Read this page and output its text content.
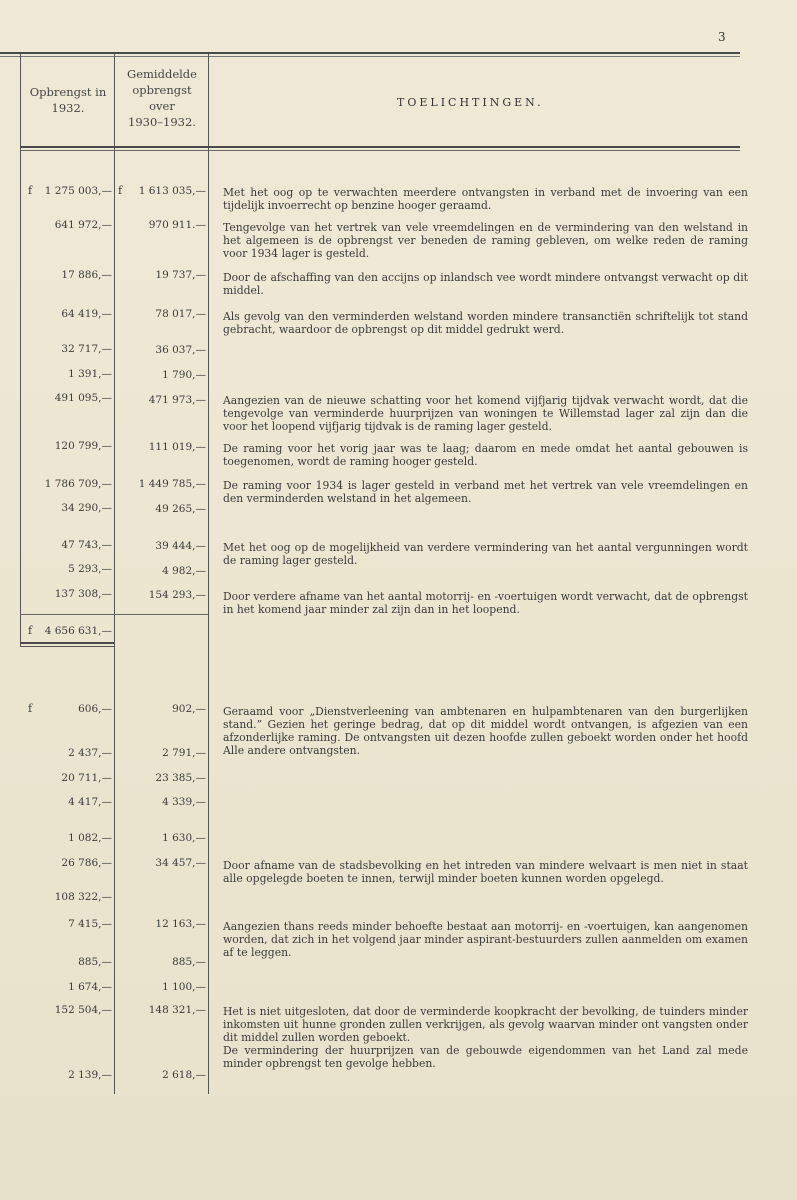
3
Opbrengst in
1932.
Gemiddelde
opbrengst
over
1930–1932.
TOELICHTINGEN.
f	f
1 275 003,—	1 613 035,— Met het oog op te verwachten meerdere ontvangsten in verband met de invoering van een tijdelijk invoerrecht op benzine hooger geraamd.
641 972,—	970 911.— Tengevolge van het vertrek van vele vreemdelingen en de vermindering van den welstand in het algemeen is de opbrengst ver beneden de raming gebleven, om welke reden de raming voor 1934 lager is gesteld.
17 886,—	19 737,— Door de afschaffing van den accijns op inlandsch vee wordt mindere ontvangst verwacht op dit middel.
64 419,—	78 017,— Als gevolg van den verminderden welstand worden mindere transanctiën schriftelijk tot stand gebracht, waardoor de opbrengst op dit middel gedrukt werd.
32 717,—	36 037,—
1 391,—	1 790,—
491 095,—	471 973,— Aangezien van de nieuwe schatting voor het komend vijfjarig tijdvak verwacht wordt, dat die tengevolge van verminderde huurprijzen van woningen te Willemstad lager zal zijn dan die voor het loopend vijfjarig tijdvak is de raming lager gesteld.
120 799,—	111 019,— De raming voor het vorig jaar was te laag; daarom en mede omdat het aantal gebouwen is toegenomen, wordt de raming hooger gesteld.
1 786 709,—	1 449 785,— De raming voor 1934 is lager gesteld in verband met het vertrek van vele vreemdelingen en den verminderden welstand in het algemeen.
34 290,—	49 265,—
47 743,—	39 444,— Met het oog op de mogelijkheid van verdere vermindering van het aantal vergunningen wordt de raming lager gesteld.
5 293,—	4 982,—
137 308,—	154 293,— Door verdere afname van het aantal motorrij- en -voertuigen wordt verwacht, dat de opbrengst in het komend jaar minder zal zijn dan in het loopend.
f	4 656 631,—
f	606,—	902,— Geraamd voor „Dienstverleening van ambtenaren en hulpambtenaren van den burgerlijken stand.” Gezien het geringe bedrag, dat op dit middel wordt ontvangen, is afgezien van een afzonderlijke raming. De ontvangsten uit dezen hoofde zullen geboekt worden onder het hoofd Alle andere ontvangsten.
2 437,—	2 791,—
20 711,—	23 385,—
4 417,—	4 339,—
1 082,—	1 630,—
26 786,—	34 457,— Door afname van de stadsbevolking en het intreden van mindere welvaart is men niet in staat alle opgelegde boeten te innen, terwijl minder boeten kunnen worden opgelegd.
108 322,—
7 415,—	12 163,— Aangezien thans reeds minder behoefte bestaat aan motorrij- en -voertuigen, kan aangenomen worden, dat zich in het volgend jaar minder aspirant-bestuurders zullen aanmelden om examen af te leggen.
885,—	885,—
1 674,—	1 100,—
152 504,—	148 321,— Het is niet uitgesloten, dat door de verminderde koopkracht der bevolking, de tuinders minder inkomsten uit hunne gronden zullen verkrijgen, als gevolg waarvan minder ont vangsten onder dit middel zullen worden geboekt.
De vermindering der huurprijzen van de gebouwde eigendommen van het Land zal mede minder opbrengst ten gevolge hebben.
2 139,—	2 618,—
